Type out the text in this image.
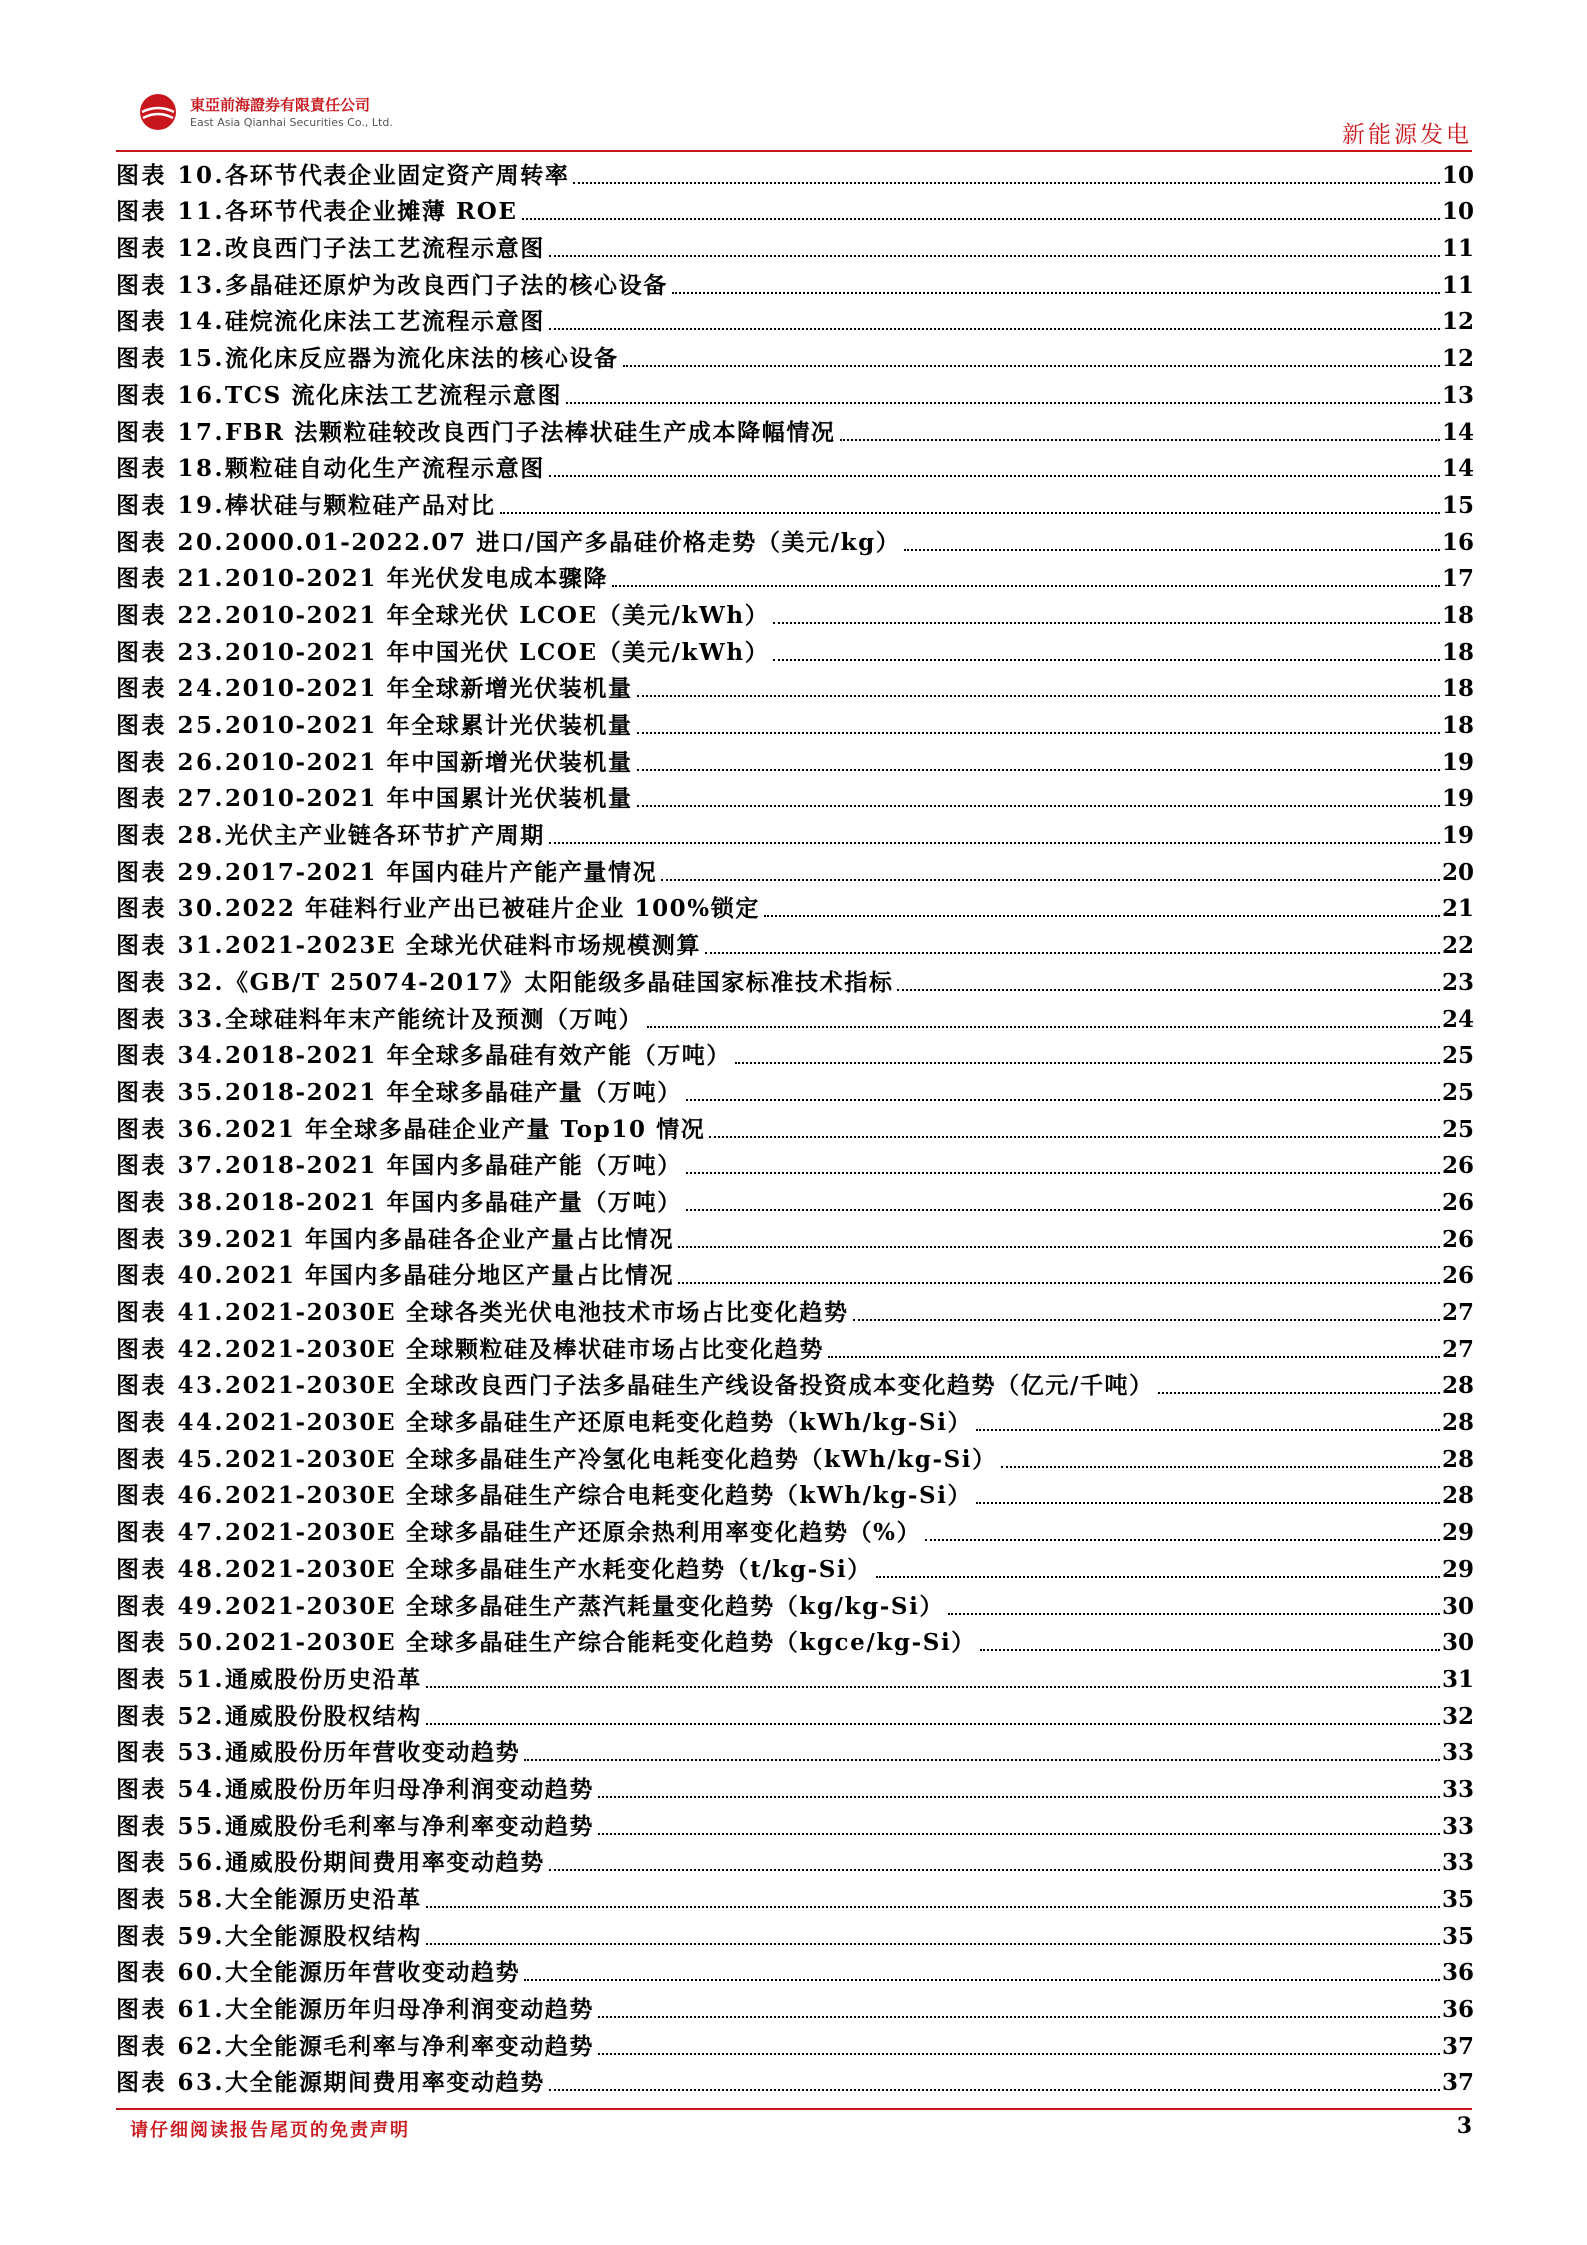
東亞前海證券有限責任公司
East Asia Qianhai Securities Co., Ltd.	新能源发电
图表 10. 各环节代表企业固定资产周转率	10
图表 11. 各环节代表企业摊薄 ROE	10
图表 12. 改良西门子法工艺流程示意图	11
图表 13. 多晶硅还原炉为改良西门子法的核心设备	11
图表 14. 硅烷流化床法工艺流程示意图	12
图表 15. 流化床反应器为流化床法的核心设备	12
图表 16. TCS 流化床法工艺流程示意图	13
图表 17. FBR 法颗粒硅较改良西门子法棒状硅生产成本降幅情况	14
图表 18. 颗粒硅自动化生产流程示意图	14
图表 19. 棒状硅与颗粒硅产品对比	15
图表 20. 2000.01-2022.07 进口/国产多晶硅价格走势（美元/kg）	16
图表 21. 2010-2021 年光伏发电成本骤降	17
图表 22. 2010-2021 年全球光伏 LCOE（美元/kWh）	18
图表 23. 2010-2021 年中国光伏 LCOE（美元/kWh）	18
图表 24. 2010-2021 年全球新增光伏装机量	18
图表 25. 2010-2021 年全球累计光伏装机量	18
图表 26. 2010-2021 年中国新增光伏装机量	19
图表 27. 2010-2021 年中国累计光伏装机量	19
图表 28. 光伏主产业链各环节扩产周期	19
图表 29. 2017-2021 年国内硅片产能产量情况	20
图表 30. 2022 年硅料行业产出已被硅片企业 100%锁定	21
图表 31. 2021-2023E 全球光伏硅料市场规模测算	22
图表 32. 《GB/T 25074-2017》太阳能级多晶硅国家标准技术指标	23
图表 33. 全球硅料年末产能统计及预测（万吨）	24
图表 34. 2018-2021 年全球多晶硅有效产能（万吨）	25
图表 35. 2018-2021 年全球多晶硅产量（万吨）	25
图表 36. 2021 年全球多晶硅企业产量 Top10 情况	25
图表 37. 2018-2021 年国内多晶硅产能（万吨）	26
图表 38. 2018-2021 年国内多晶硅产量（万吨）	26
图表 39. 2021 年国内多晶硅各企业产量占比情况	26
图表 40. 2021 年国内多晶硅分地区产量占比情况	26
图表 41. 2021-2030E 全球各类光伏电池技术市场占比变化趋势	27
图表 42. 2021-2030E 全球颗粒硅及棒状硅市场占比变化趋势	27
图表 43. 2021-2030E 全球改良西门子法多晶硅生产线设备投资成本变化趋势（亿元/千吨）	28
图表 44. 2021-2030E 全球多晶硅生产还原电耗变化趋势（kWh/kg-Si）	28
图表 45. 2021-2030E 全球多晶硅生产冷氢化电耗变化趋势（kWh/kg-Si）	28
图表 46. 2021-2030E 全球多晶硅生产综合电耗变化趋势（kWh/kg-Si）	28
图表 47. 2021-2030E 全球多晶硅生产还原余热利用率变化趋势（%）	29
图表 48. 2021-2030E 全球多晶硅生产水耗变化趋势（t/kg-Si）	29
图表 49. 2021-2030E 全球多晶硅生产蒸汽耗量变化趋势（kg/kg-Si）	30
图表 50. 2021-2030E 全球多晶硅生产综合能耗变化趋势（kgce/kg-Si）	30
图表 51. 通威股份历史沿革	31
图表 52. 通威股份股权结构	32
图表 53. 通威股份历年营收变动趋势	33
图表 54. 通威股份历年归母净利润变动趋势	33
图表 55. 通威股份毛利率与净利率变动趋势	33
图表 56. 通威股份期间费用率变动趋势	33
图表 58. 大全能源历史沿革	35
图表 59. 大全能源股权结构	35
图表 60. 大全能源历年营收变动趋势	36
图表 61. 大全能源历年归母净利润变动趋势	36
图表 62. 大全能源毛利率与净利率变动趋势	37
图表 63. 大全能源期间费用率变动趋势	37
请仔细阅读报告尾页的免责声明	3
